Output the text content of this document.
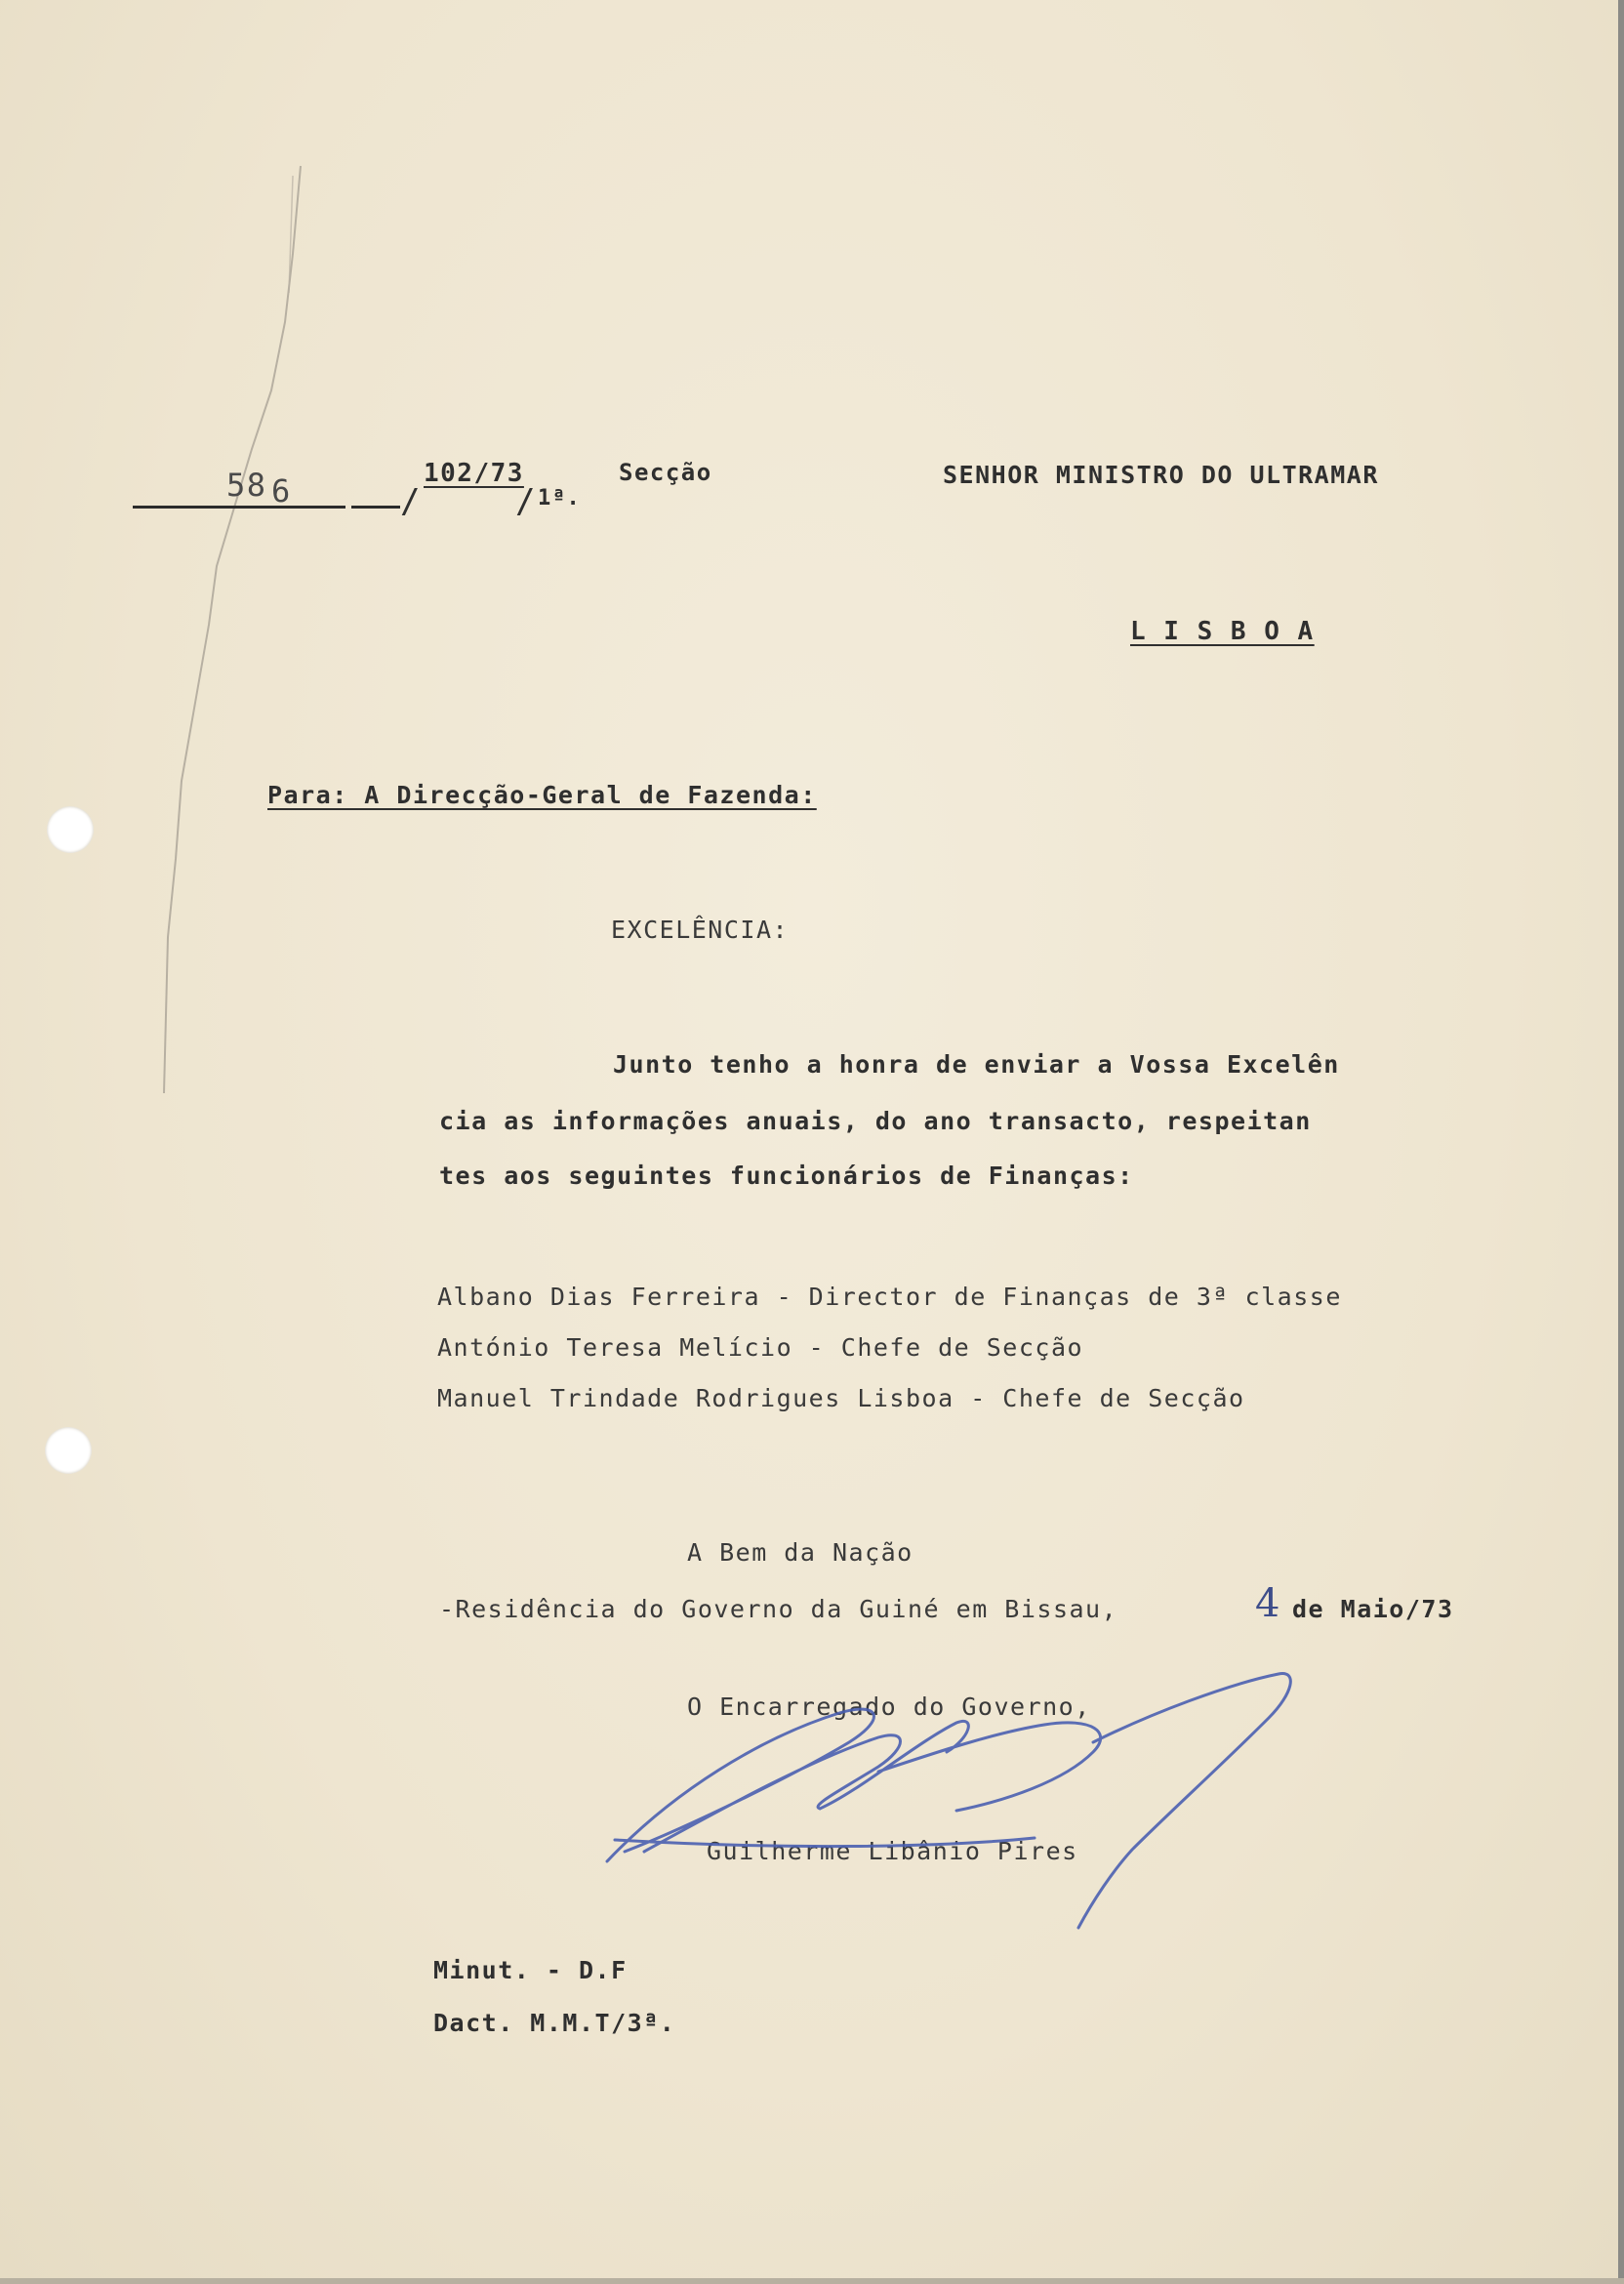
58 6	/
102/73
/ 1ª.
Secção	SENHOR MINISTRO DO ULTRAMAR
L I S B O A
Para: A Direcção-Geral de Fazenda:
EXCELÊNCIA:
Junto tenho a honra de enviar a Vossa Excelên
cia as informações anuais, do ano transacto, respeitan
tes aos seguintes funcionários de Finanças:
Albano Dias Ferreira - Director de Finanças de 3ª classe
António Teresa Melício - Chefe de Secção
Manuel Trindade Rodrigues Lisboa - Chefe de Secção
A Bem da Nação
-Residência do Governo da Guiné em Bissau,	4 de Maio/73
O Encarregado do Governo,
Guilherme Libânio Pires
Minut. - D.F
Dact. M.M.T/3ª.
